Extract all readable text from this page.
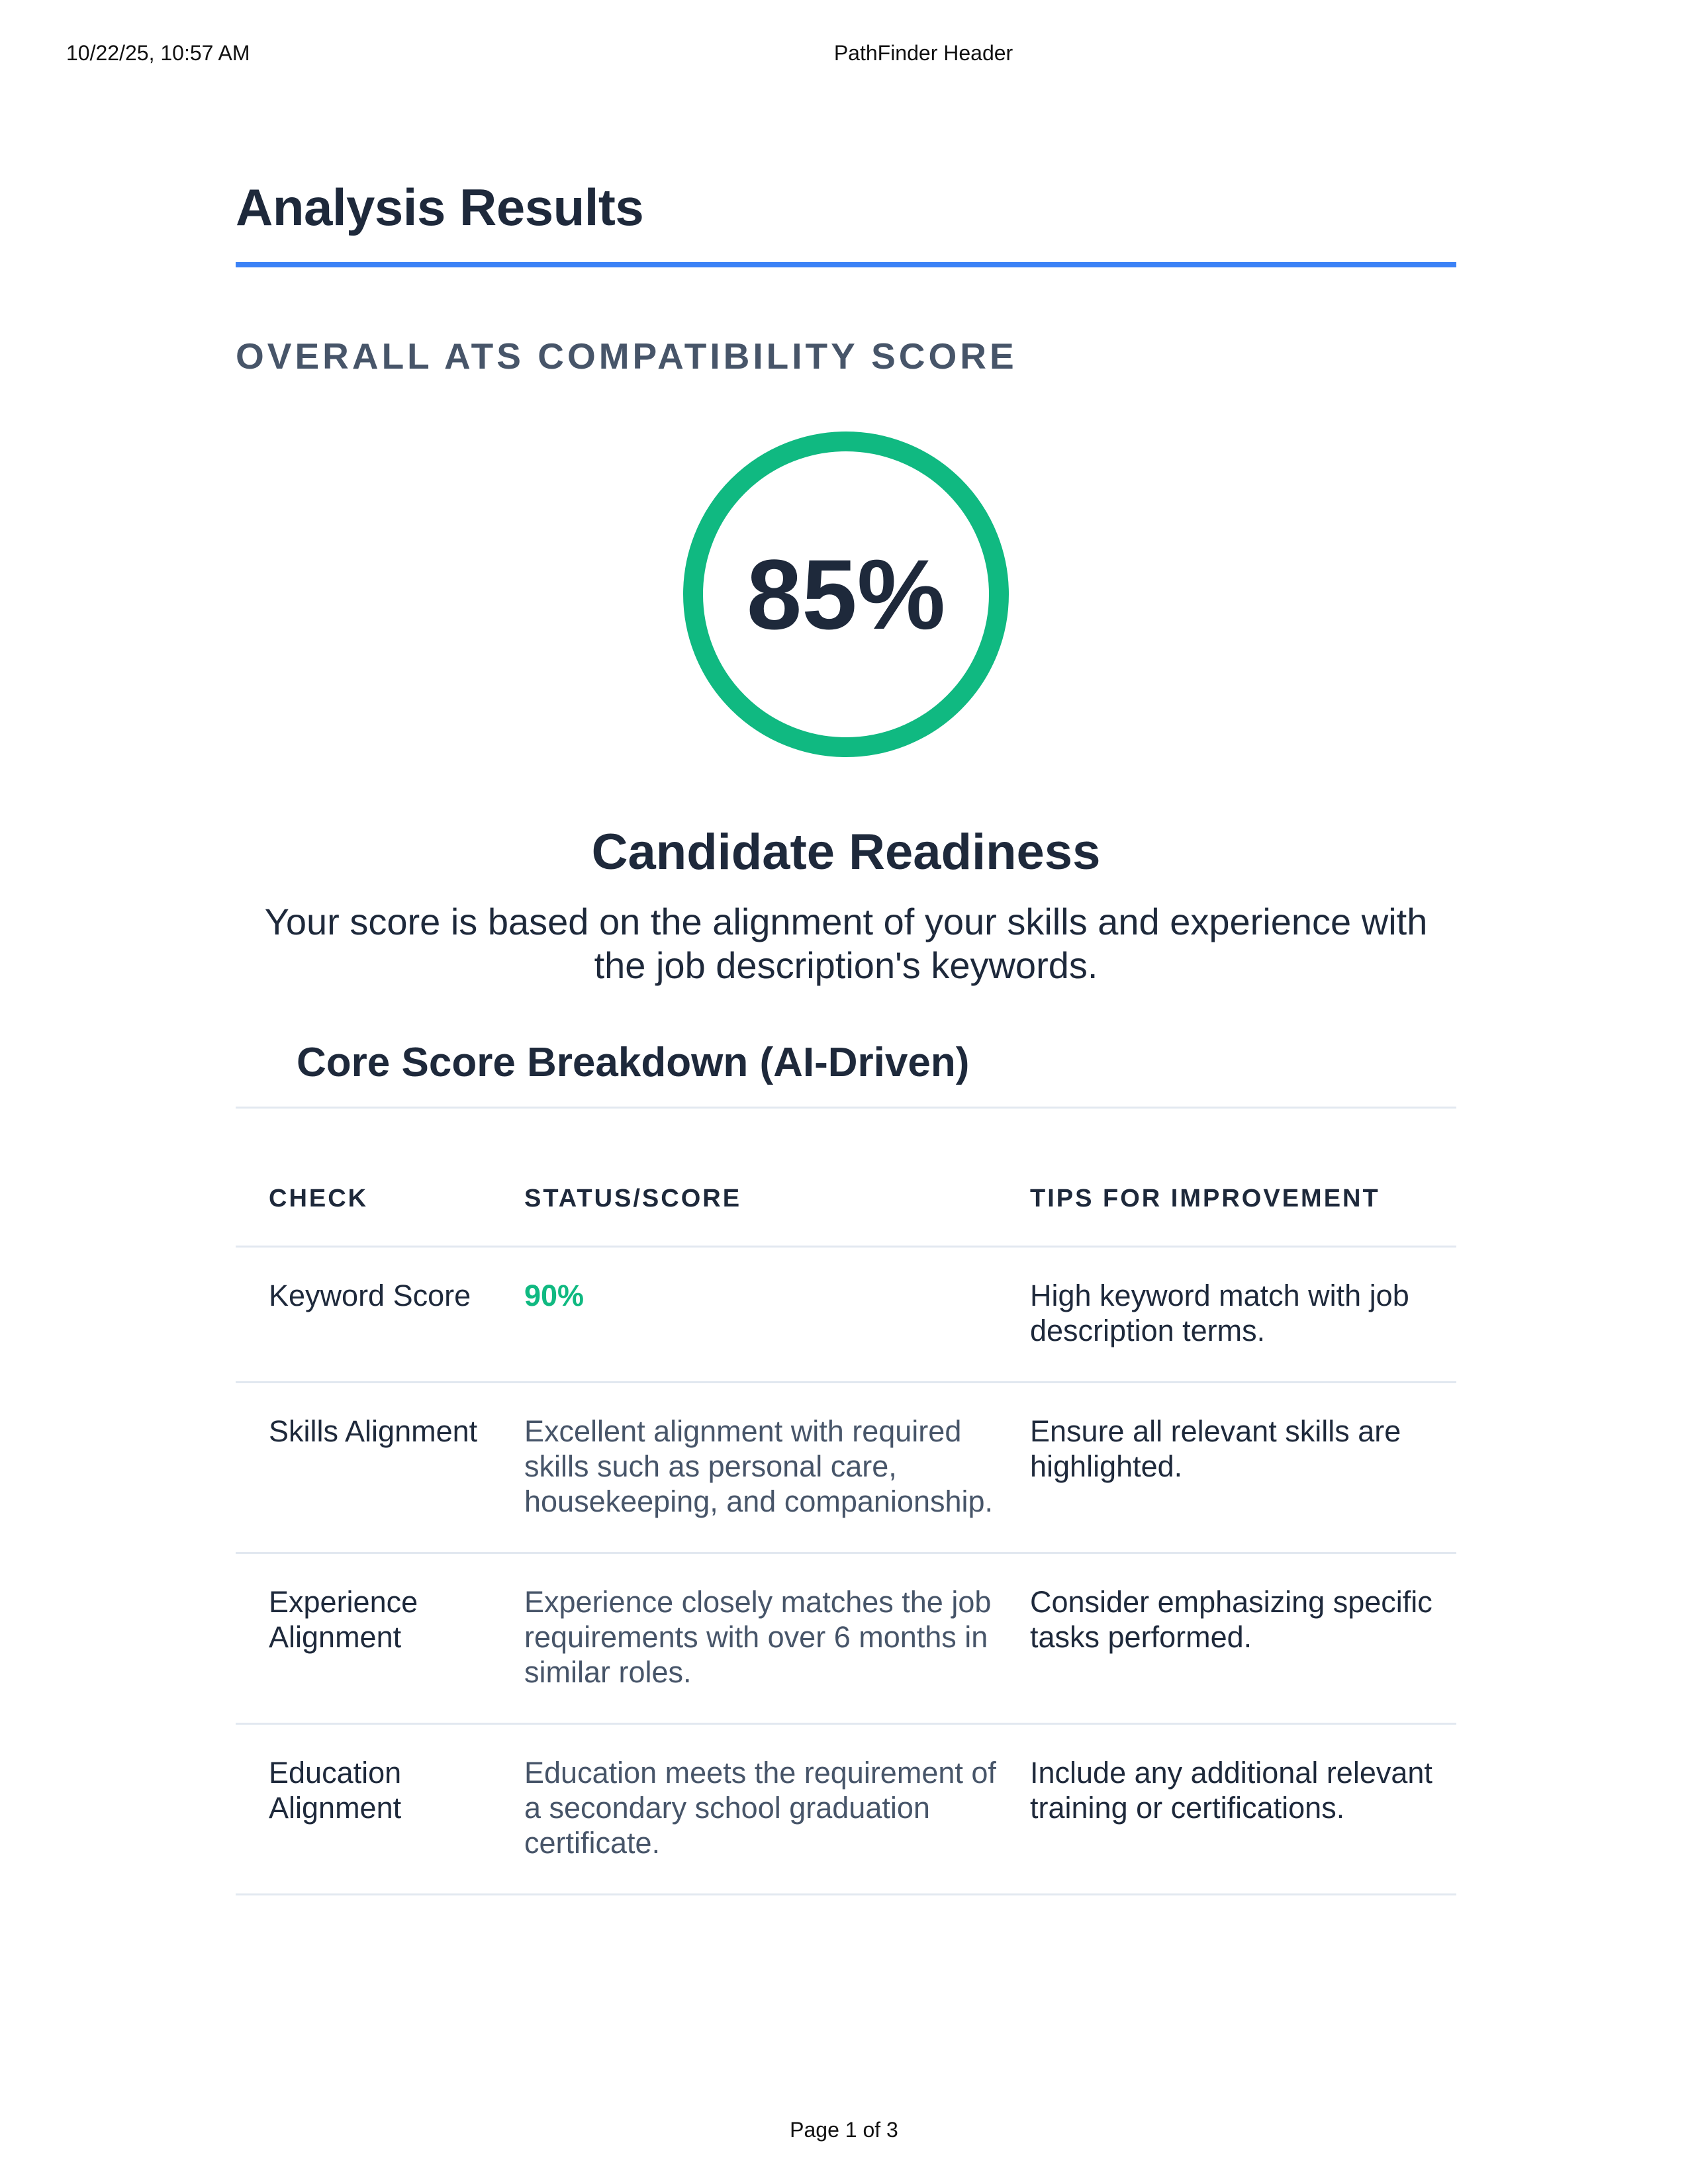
10/22/25, 10:57 AM	PathFinder Header
Analysis Results
OVERALL ATS COMPATIBILITY SCORE
85%
Candidate Readiness

Your score is based on the alignment of your skills and experience with the job description's keywords.

Core Score Breakdown (AI-Driven)
CHECK	STATUS/SCORE	TIPS FOR IMPROVEMENT
Keyword Score	90%	High keyword match with job description terms.
Skills Alignment	Excellent alignment with required skills such as personal care, housekeeping, and companionship.	Ensure all relevant skills are highlighted.
Experience Alignment	Experience closely matches the job requirements with over 6 months in similar roles.	Consider emphasizing specific tasks performed.
Education Alignment	Education meets the requirement of a secondary school graduation certificate.	Include any additional relevant training or certifications.
Page 1 of 3
